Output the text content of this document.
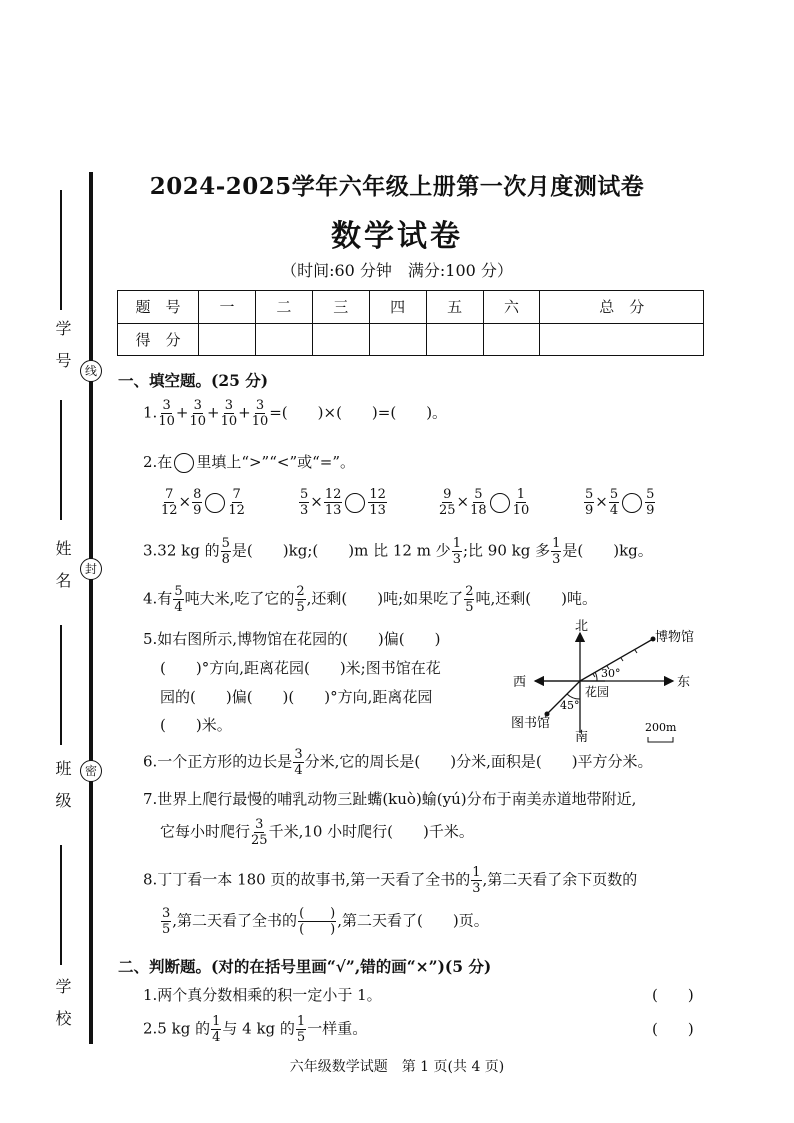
学　号
姓　名
班　级
学　校
线
封
密
2024-2025学年六年级上册第一次月度测试卷
数学试卷
（时间:60 分钟　满分:100 分）
题　号	一	二	三	四	五	六	总　分
得　分							
一、填空题。(25 分)
1. $\frac{3}{10} + \frac{3}{10} + \frac{3}{10} + \frac{3}{10}$ =(　　)×(　　)=(　　)。
2.在 里填上“>”“<”或“=”。
$\frac{7}{12} \times \frac{8}{9} \frac{7}{12}$	$\frac{5}{3} \times \frac{12}{13} \frac{12}{13}$	$\frac{9}{25} \times \frac{5}{18} \frac{1}{10}$	$\frac{5}{9} \times \frac{5}{4} \frac{5}{9}$
3.32 kg 的 $\frac{5}{8}$ 是(　　)kg;(　　)m 比 12 m 少 $\frac{1}{3}$ ;比 90 kg 多 $\frac{1}{3}$ 是(　　)kg。
4.有 $\frac{5}{4}$ 吨大米,吃了它的 $\frac{2}{5}$ ,还剩(　　)吨;如果吃了 $\frac{2}{5}$ 吨,还剩(　　)吨。
5.如右图所示,博物馆在花园的(　　)偏(　　)
(　　)°方向,距离花园(　　)米;图书馆在花
园的(　　)偏(　　)(　　)°方向,距离花园
(　　)米。
北
南
东
西
花园
博物馆
图书馆
30°
45°
200m
6.一个正方形的边长是 $\frac{3}{4}$ 分米,它的周长是(　　)分米,面积是(　　)平方分米。
7.世界上爬行最慢的哺乳动物三趾蟕(kuò)蝓(yú)分布于南美赤道地带附近,
它每小时爬行 $\frac{3}{25}$ 千米,10 小时爬行(　　)千米。
8.丁丁看一本 180 页的故事书,第一天看了全书的 $\frac{1}{3}$ ,第二天看了余下页数的
$\frac{3}{5}$ ,第二天看了全书的 $\frac{( )}{( )}$ ,第二天看了(　　)页。
二、判断题。(对的在括号里画“√”,错的画“×”)(5 分)
1.两个真分数相乘的积一定小于 1。	(　　)
2.5 kg 的 $\frac{1}{4}$ 与 4 kg 的 $\frac{1}{5}$ 一样重。	(　　)
六年级数学试题　第 1 页(共 4 页)
